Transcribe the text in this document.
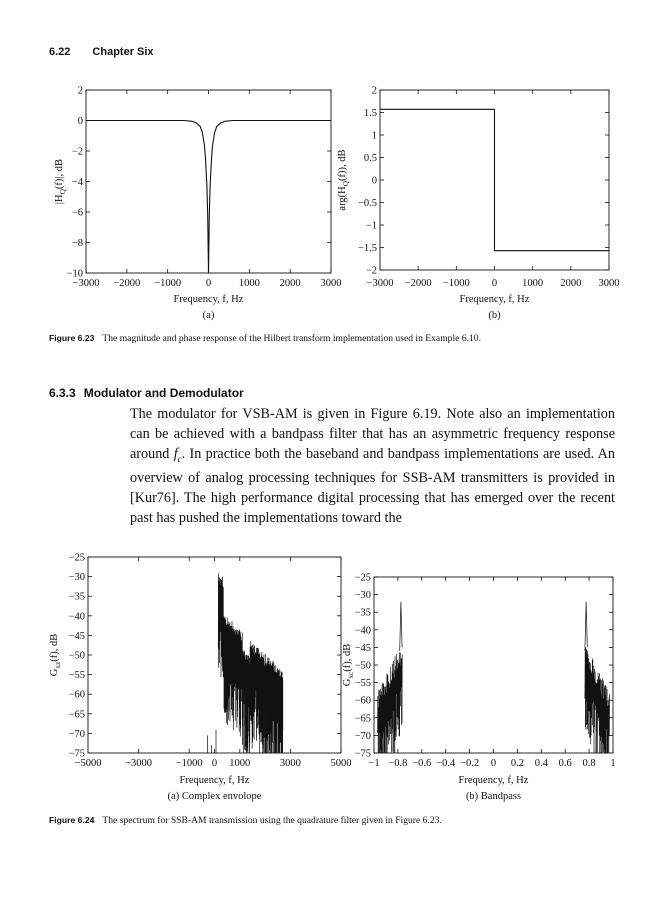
6.22 Chapter Six
2
0
−2
−4
−6
−8
−10
−3000 −2000 −1000 0	1000 2000 3000
Frequency, f, Hz
(a)
$|H_Q(f)|$, dB
2
1.5
1
0.5
0
−0.5
−1
−1.5
−2
−3000 −2000 −1000 0 1000 2000 3000
Frequency, f, Hz
(b)
$arg(H_Q(f))$, dB
Figure 6.23 The magnitude and phase response of the Hilbert transform implementation used in Example 6.10.
6.3.3 Modulator and Demodulator

The modulator for VSB-AM is given in Figure 6.19. Note also an implementation can be achieved with a bandpass filter that has an asymmetric frequency response around $f_c$. In practice both the baseband and bandpass implementations are used. An overview of analog processing techniques for SSB-AM transmitters is provided in [Kur76]. The high performance digital processing that has emerged over the recent past has pushed the implementations toward the

−25
−30
−35
−40
−45
−50
−55
−60
−65
−70
−75
−5000 −3000 −1000 0 1000	3000	5000
Frequency, f, Hz
(a) Complex envolope
$G_{xz}(f)$, dB
−25
−30
−35
−40
−45
−50
−55
−60
−65
−70
−75
−1 −0.8 −0.6 −0.4 −0.2 0 0.2 0.4 0.6 0.8 1
Frequency, f, Hz
(b) Bandpass
$G_{xc}(f)$, dB
Figure 6.24 The spectrum for SSB-AM transmission using the quadrature filter given in Figure 6.23.
